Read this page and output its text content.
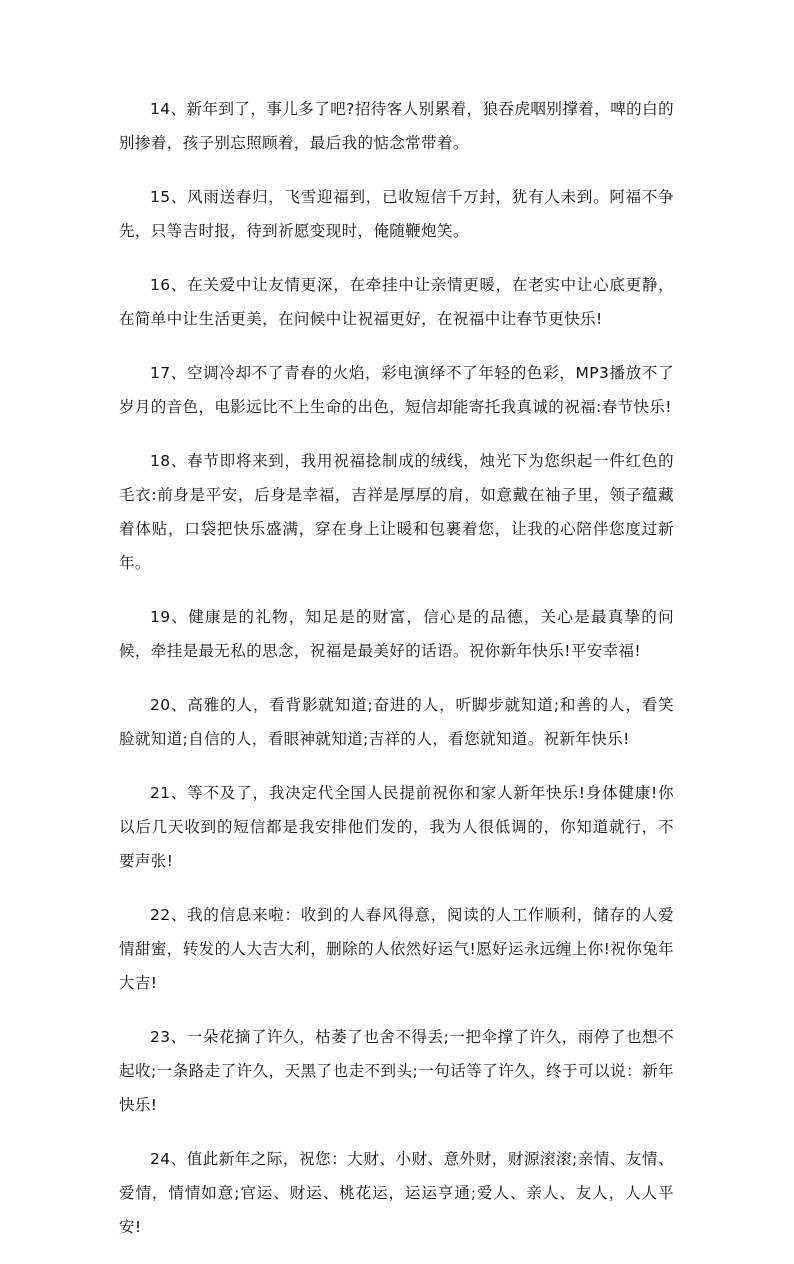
14、新年到了，事儿多了吧?招待客人别累着，狼吞虎咽别撑着，啤的白的别掺着，孩子别忘照顾着，最后我的惦念常带着。

15、风雨送春归，飞雪迎福到，已收短信千万封，犹有人未到。阿福不争先，只等吉时报，待到祈愿变现时，俺随鞭炮笑。

16、在关爱中让友情更深，在牵挂中让亲情更暖，在老实中让心底更静，在简单中让生活更美，在问候中让祝福更好，在祝福中让春节更快乐!

17、空调冷却不了青春的火焰，彩电演绎不了年轻的色彩，MP3播放不了岁月的音色，电影远比不上生命的出色，短信却能寄托我真诚的祝福:春节快乐!

18、春节即将来到，我用祝福捻制成的绒线，烛光下为您织起一件红色的毛衣:前身是平安，后身是幸福，吉祥是厚厚的肩，如意戴在袖子里，领子蕴藏着体贴，口袋把快乐盛满，穿在身上让暖和包裹着您，让我的心陪伴您度过新年。

19、健康是的礼物，知足是的财富，信心是的品德，关心是最真挚的问候，牵挂是最无私的思念，祝福是最美好的话语。祝你新年快乐!平安幸福!

20、高雅的人，看背影就知道;奋进的人，听脚步就知道;和善的人，看笑脸就知道;自信的人，看眼神就知道;吉祥的人，看您就知道。祝新年快乐!

21、等不及了，我决定代全国人民提前祝你和家人新年快乐!身体健康!你以后几天收到的短信都是我安排他们发的，我为人很低调的，你知道就行，不要声张!

22、我的信息来啦：收到的人春风得意，阅读的人工作顺利，储存的人爱情甜蜜，转发的人大吉大利，删除的人依然好运气!愿好运永远缠上你!祝你兔年大吉!

23、一朵花摘了许久，枯萎了也舍不得丢;一把伞撑了许久，雨停了也想不起收;一条路走了许久，天黑了也走不到头;一句话等了许久，终于可以说：新年快乐!

24、值此新年之际，祝您：大财、小财、意外财，财源滚滚;亲情、友情、爱情，情情如意;官运、财运、桃花运，运运亨通;爱人、亲人、友人，人人平安!
